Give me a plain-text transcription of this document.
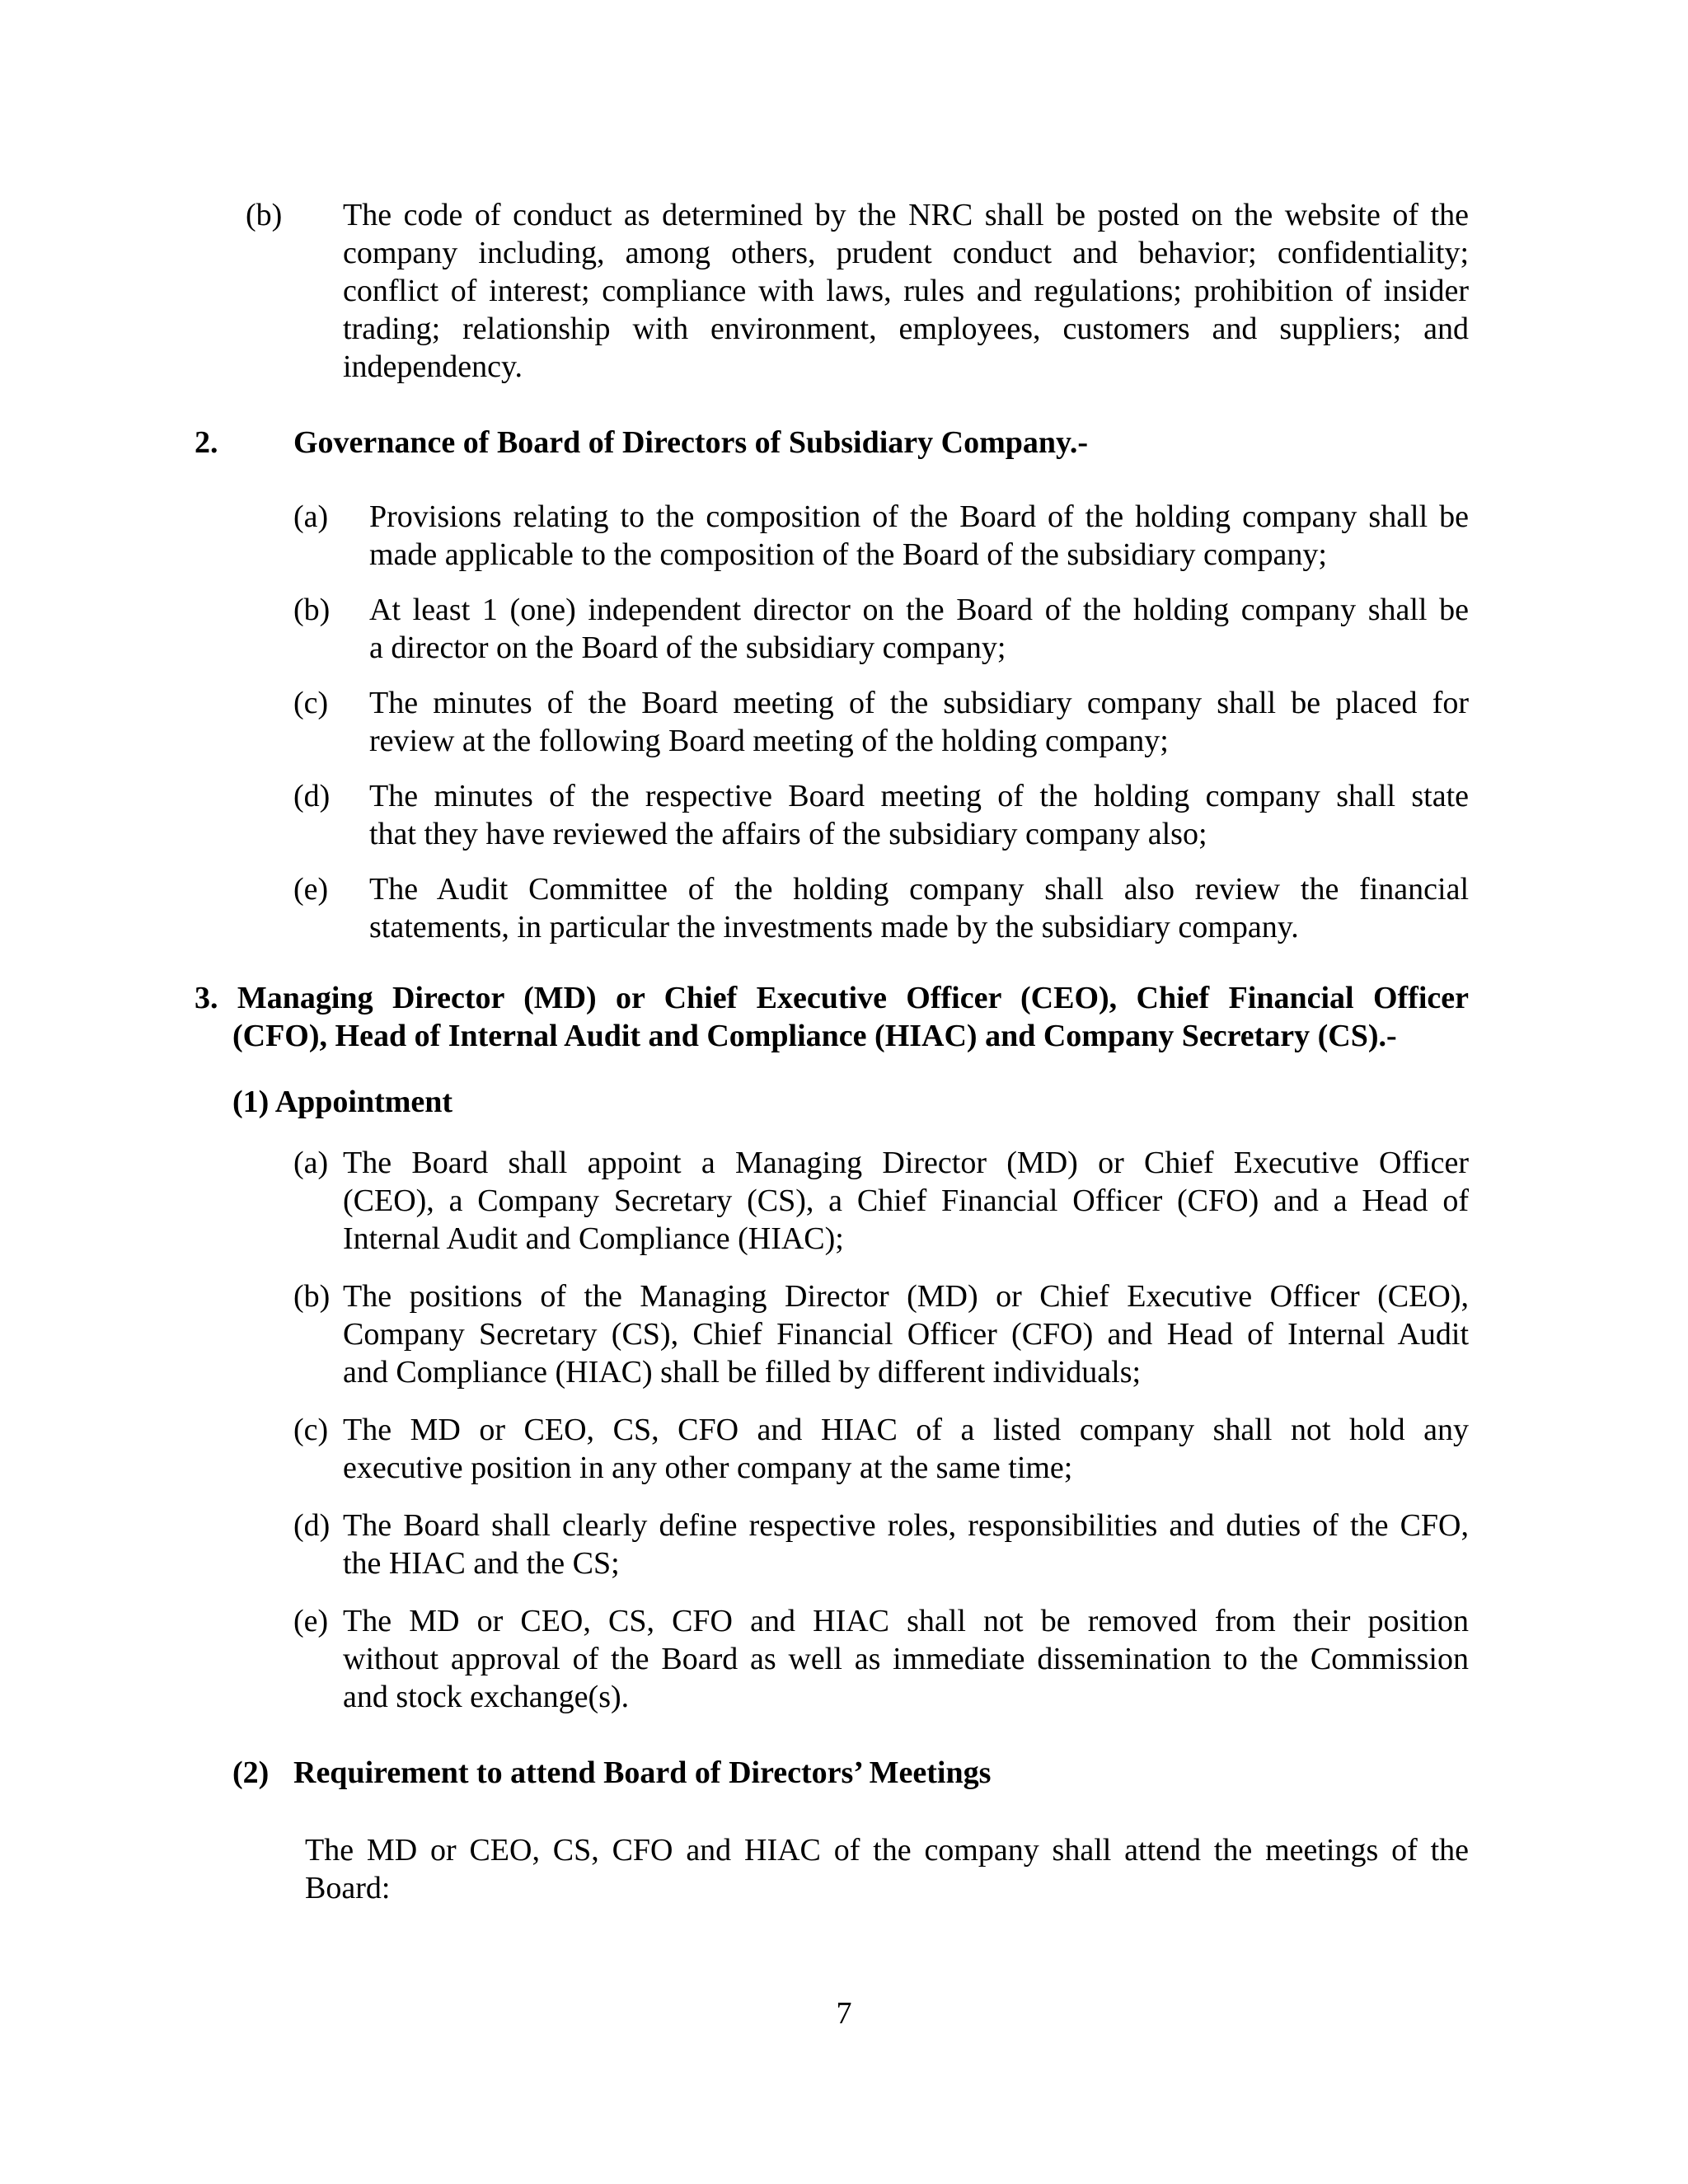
(b) The code of conduct as determined by the NRC shall be posted on the website of the
company including, among others, prudent conduct and behavior; confidentiality;
conflict of interest; compliance with laws, rules and regulations; prohibition of insider
trading; relationship with environment, employees, customers and suppliers; and
independency.
2. Governance of Board of Directors of Subsidiary Company.-
(a) Provisions relating to the composition of the Board of the holding company shall be
made applicable to the composition of the Board of the subsidiary company;
(b) At least 1 (one) independent director on the Board of the holding company shall be
a director on the Board of the subsidiary company;
(c) The minutes of the Board meeting of the subsidiary company shall be placed for
review at the following Board meeting of the holding company;
(d) The minutes of the respective Board meeting of the holding company shall state
that they have reviewed the affairs of the subsidiary company also;
(e) The Audit Committee of the holding company shall also review the financial
statements, in particular the investments made by the subsidiary company.
3. Managing Director (MD) or Chief Executive Officer (CEO), Chief Financial Officer
(CFO), Head of Internal Audit and Compliance (HIAC) and Company Secretary (CS).-
(1) Appointment
(a) The Board shall appoint a Managing Director (MD) or Chief Executive Officer
(CEO), a Company Secretary (CS), a Chief Financial Officer (CFO) and a Head of
Internal Audit and Compliance (HIAC);
(b) The positions of the Managing Director (MD) or Chief Executive Officer (CEO),
Company Secretary (CS), Chief Financial Officer (CFO) and Head of Internal Audit
and Compliance (HIAC) shall be filled by different individuals;
(c) The MD or CEO, CS, CFO and HIAC of a listed company shall not hold any
executive position in any other company at the same time;
(d) The Board shall clearly define respective roles, responsibilities and duties of the CFO,
the HIAC and the CS;
(e) The MD or CEO, CS, CFO and HIAC shall not be removed from their position
without approval of the Board as well as immediate dissemination to the Commission
and stock exchange(s).
(2) Requirement to attend Board of Directors’ Meetings
The MD or CEO, CS, CFO and HIAC of the company shall attend the meetings of the
Board:
7
